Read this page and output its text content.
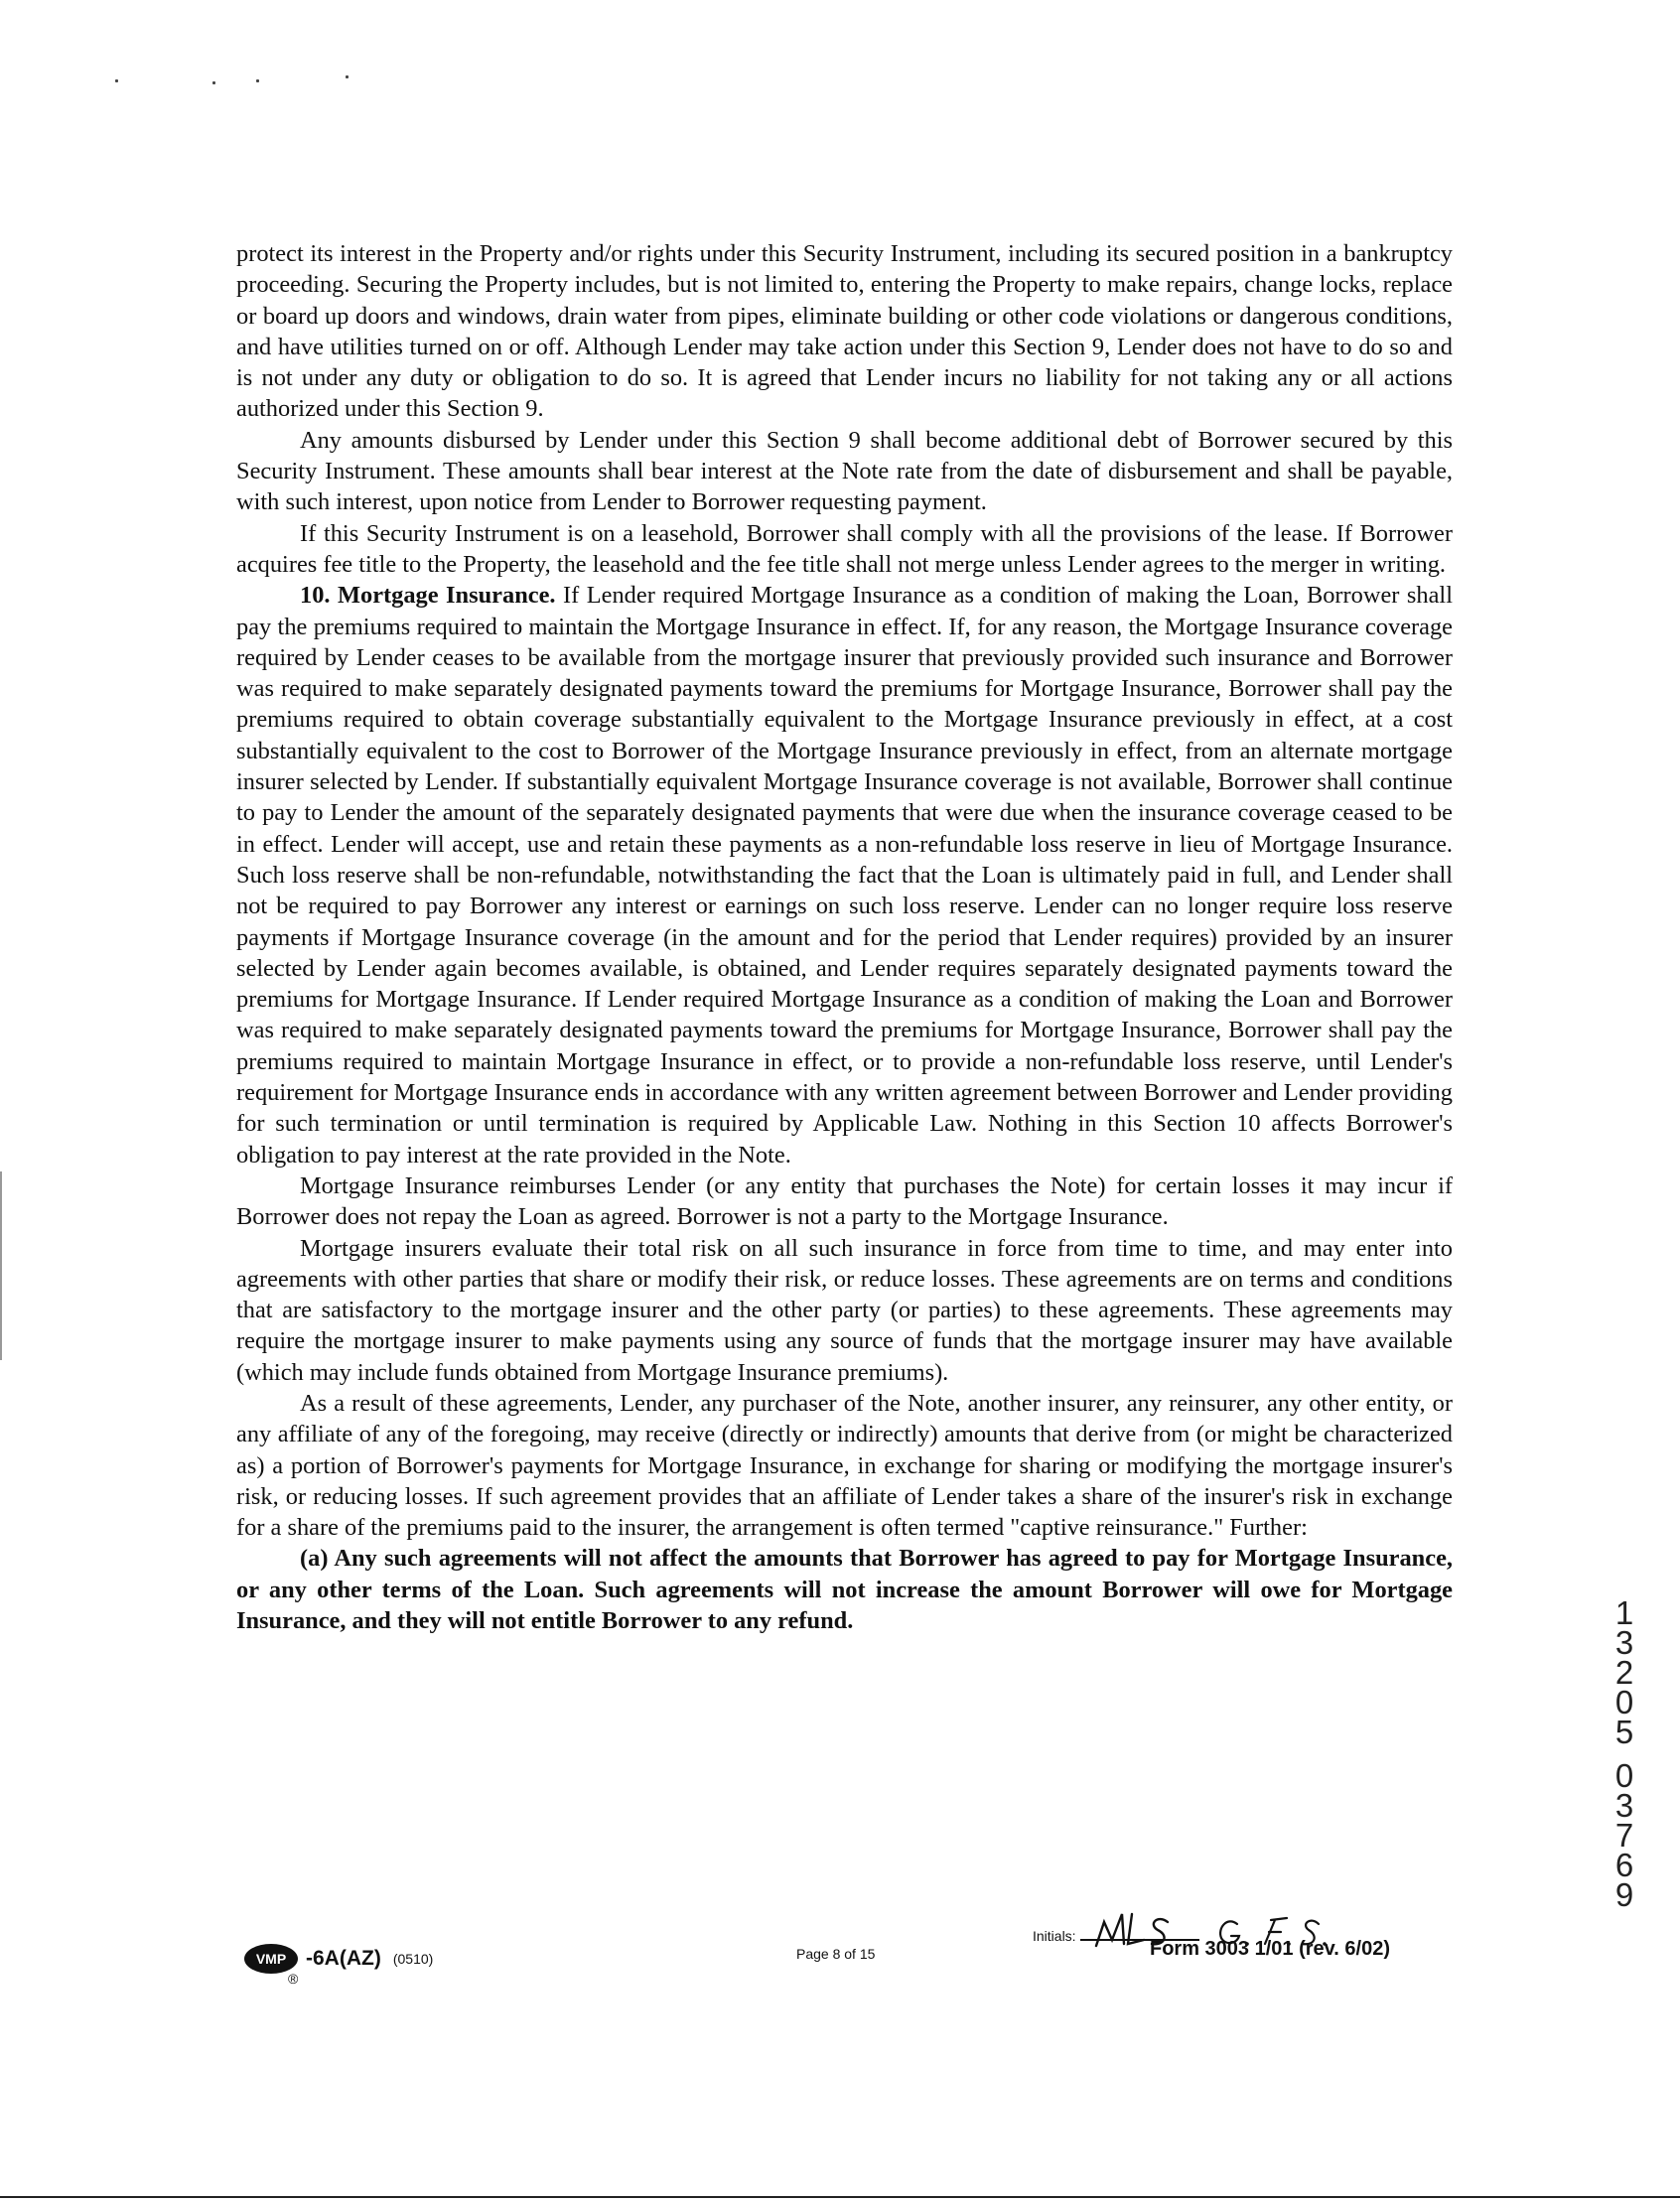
protect its interest in the Property and/or rights under this Security Instrument, including its secured position in a bankruptcy proceeding. Securing the Property includes, but is not limited to, entering the Property to make repairs, change locks, replace or board up doors and windows, drain water from pipes, eliminate building or other code violations or dangerous conditions, and have utilities turned on or off. Although Lender may take action under this Section 9, Lender does not have to do so and is not under any duty or obligation to do so. It is agreed that Lender incurs no liability for not taking any or all actions authorized under this Section 9.

Any amounts disbursed by Lender under this Section 9 shall become additional debt of Borrower secured by this Security Instrument. These amounts shall bear interest at the Note rate from the date of disbursement and shall be payable, with such interest, upon notice from Lender to Borrower requesting payment.

If this Security Instrument is on a leasehold, Borrower shall comply with all the provisions of the lease. If Borrower acquires fee title to the Property, the leasehold and the fee title shall not merge unless Lender agrees to the merger in writing.

10. Mortgage Insurance. If Lender required Mortgage Insurance as a condition of making the Loan, Borrower shall pay the premiums required to maintain the Mortgage Insurance in effect. If, for any reason, the Mortgage Insurance coverage required by Lender ceases to be available from the mortgage insurer that previously provided such insurance and Borrower was required to make separately designated payments toward the premiums for Mortgage Insurance, Borrower shall pay the premiums required to obtain coverage substantially equivalent to the Mortgage Insurance previously in effect, at a cost substantially equivalent to the cost to Borrower of the Mortgage Insurance previously in effect, from an alternate mortgage insurer selected by Lender. If substantially equivalent Mortgage Insurance coverage is not available, Borrower shall continue to pay to Lender the amount of the separately designated payments that were due when the insurance coverage ceased to be in effect. Lender will accept, use and retain these payments as a non-refundable loss reserve in lieu of Mortgage Insurance. Such loss reserve shall be non-refundable, notwithstanding the fact that the Loan is ultimately paid in full, and Lender shall not be required to pay Borrower any interest or earnings on such loss reserve. Lender can no longer require loss reserve payments if Mortgage Insurance coverage (in the amount and for the period that Lender requires) provided by an insurer selected by Lender again becomes available, is obtained, and Lender requires separately designated payments toward the premiums for Mortgage Insurance. If Lender required Mortgage Insurance as a condition of making the Loan and Borrower was required to make separately designated payments toward the premiums for Mortgage Insurance, Borrower shall pay the premiums required to maintain Mortgage Insurance in effect, or to provide a non-refundable loss reserve, until Lender's requirement for Mortgage Insurance ends in accordance with any written agreement between Borrower and Lender providing for such termination or until termination is required by Applicable Law. Nothing in this Section 10 affects Borrower's obligation to pay interest at the rate provided in the Note.

Mortgage Insurance reimburses Lender (or any entity that purchases the Note) for certain losses it may incur if Borrower does not repay the Loan as agreed. Borrower is not a party to the Mortgage Insurance.

Mortgage insurers evaluate their total risk on all such insurance in force from time to time, and may enter into agreements with other parties that share or modify their risk, or reduce losses. These agreements are on terms and conditions that are satisfactory to the mortgage insurer and the other party (or parties) to these agreements. These agreements may require the mortgage insurer to make payments using any source of funds that the mortgage insurer may have available (which may include funds obtained from Mortgage Insurance premiums).

As a result of these agreements, Lender, any purchaser of the Note, another insurer, any reinsurer, any other entity, or any affiliate of any of the foregoing, may receive (directly or indirectly) amounts that derive from (or might be characterized as) a portion of Borrower's payments for Mortgage Insurance, in exchange for sharing or modifying the mortgage insurer's risk, or reducing losses. If such agreement provides that an affiliate of Lender takes a share of the insurer's risk in exchange for a share of the premiums paid to the insurer, the arrangement is often termed "captive reinsurance." Further:

(a) Any such agreements will not affect the amounts that Borrower has agreed to pay for Mortgage Insurance, or any other terms of the Loan. Such agreements will not increase the amount Borrower will owe for Mortgage Insurance, and they will not entitle Borrower to any refund.	1
3
2
0
5
0
3
7
6
9
VMP
®
-6A(AZ) (0510)	Page 8 of 15
Initials:
Form 3003 1/01 (rev. 6/02)
